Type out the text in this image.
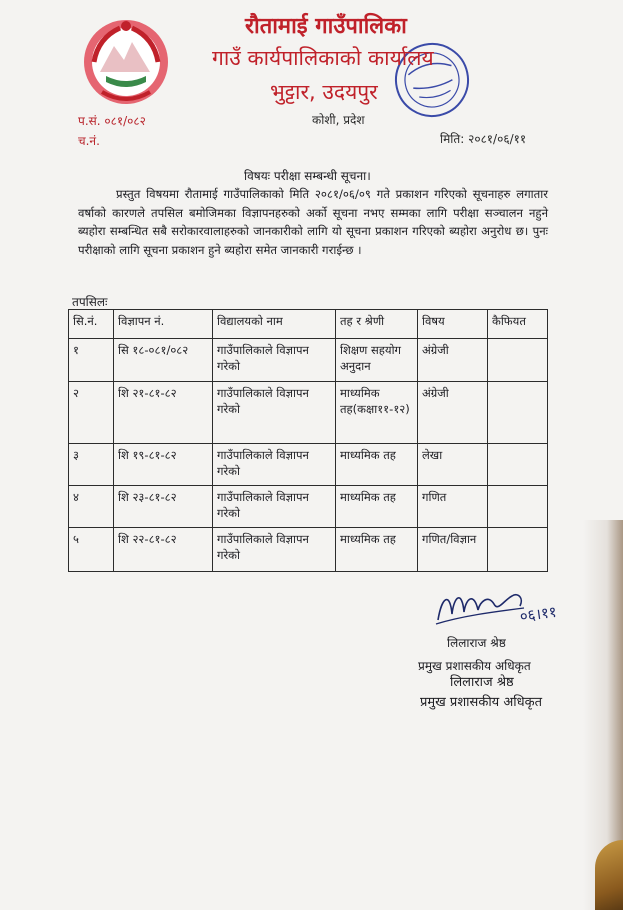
रौतामाई गाउँपालिका
गाउँ कार्यपालिकाको कार्यालय
भुट्टार, उदयपुर
कोशी, प्रदेश
प.सं. ०८१/०८२
च.नं.	मिति: २०८१/०६/११
विषयः परीक्षा सम्बन्धी सूचना।

प्रस्तुत विषयमा रौतामाई गाउँपालिकाको मिति २०८१/०६/०९ गते प्रकाशन गरिएको सूचनाहरु लगातार वर्षाको कारणले तपसिल बमोजिमका विज्ञापनहरुको अर्को सूचना नभए सम्मका लागि परीक्षा सञ्चालन नहुने ब्यहोरा सम्बन्धित सबै सरोकारवालाहरुको जानकारीको लागि यो सूचना प्रकाशन गरिएको ब्यहोरा अनुरोध छ। पुनः परीक्षाको लागि सूचना प्रकाशन हुने ब्यहोरा समेत जानकारी गराईन्छ ।

तपसिलः
सि.नं.	विज्ञापन नं.	विद्यालयको नाम	तह र श्रेणी	विषय	कैफियत
१	सि १८-०८१/०८२	गाउँपालिकाले विज्ञापन गरेको	शिक्षण सहयोग अनुदान	अंग्रेजी	
२	शि २१-८१-८२	गाउँपालिकाले विज्ञापन गरेको	माध्यमिक तह(कक्षा११-१२)	अंग्रेजी	
३	शि १९-८१-८२	गाउँपालिकाले विज्ञापन गरेको	माध्यमिक तह	लेखा	
४	शि २३-८१-८२	गाउँपालिकाले विज्ञापन गरेको	माध्यमिक तह	गणित	
५	शि २२-८१-८२	गाउँपालिकाले विज्ञापन गरेको	माध्यमिक तह	गणित/विज्ञान	
०६।११
लिलाराज श्रेष्ठ
प्रमुख प्रशासकीय अधिकृत
लिलाराज श्रेष्ठ
प्रमुख प्रशासकीय अधिकृत
